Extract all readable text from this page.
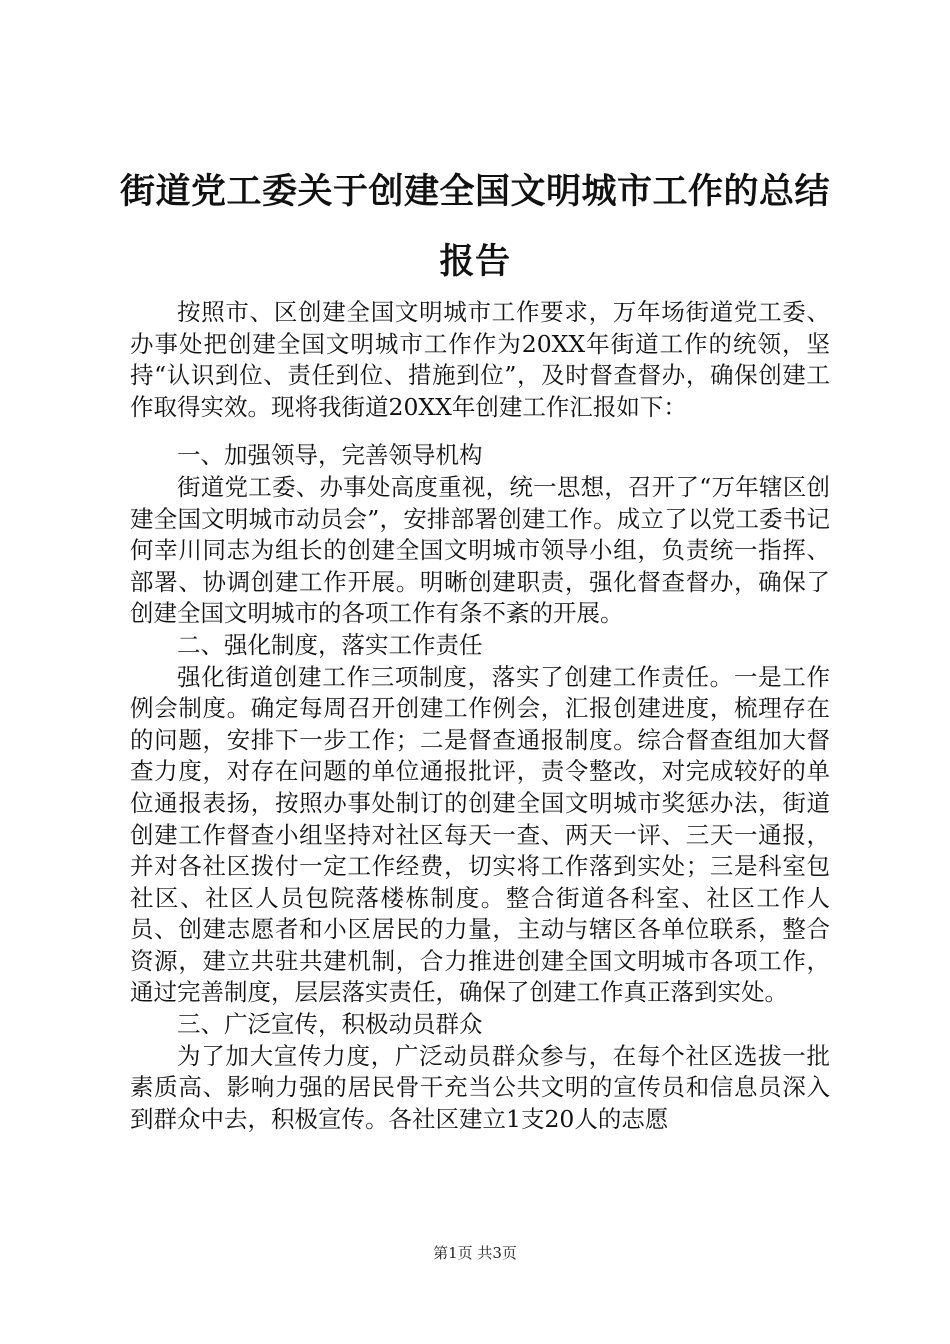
街道党工委关于创建全国文明城市工作的总结报告

按照市、区创建全国文明城市工作要求，万年场街道党工委、办事处把创建全国文明城市工作作为20XX年街道工作的统领，坚持“认识到位、责任到位、措施到位”，及时督查督办，确保创建工作取得实效。现将我街道20XX年创建工作汇报如下：

一、加强领导，完善领导机构

街道党工委、办事处高度重视，统一思想，召开了“万年辖区创建全国文明城市动员会”，安排部署创建工作。成立了以党工委书记何幸川同志为组长的创建全国文明城市领导小组，负责统一指挥、部署、协调创建工作开展。明晰创建职责，强化督查督办，确保了创建全国文明城市的各项工作有条不紊的开展。

二、强化制度，落实工作责任

强化街道创建工作三项制度，落实了创建工作责任。一是工作例会制度。确定每周召开创建工作例会，汇报创建进度，梳理存在的问题，安排下一步工作；二是督查通报制度。综合督查组加大督查力度，对存在问题的单位通报批评，责令整改，对完成较好的单位通报表扬，按照办事处制订的创建全国文明城市奖惩办法，街道创建工作督查小组坚持对社区每天一查、两天一评、三天一通报，并对各社区拨付一定工作经费，切实将工作落到实处；三是科室包社区、社区人员包院落楼栋制度。整合街道各科室、社区工作人员、创建志愿者和小区居民的力量，主动与辖区各单位联系，整合资源，建立共驻共建机制，合力推进创建全国文明城市各项工作，通过完善制度，层层落实责任，确保了创建工作真正落到实处。

三、广泛宣传，积极动员群众

为了加大宣传力度，广泛动员群众参与，在每个社区选拔一批素质高、影响力强的居民骨干充当公共文明的宣传员和信息员深入到群众中去，积极宣传。各社区建立1支20人的志愿

第1页 共3页
